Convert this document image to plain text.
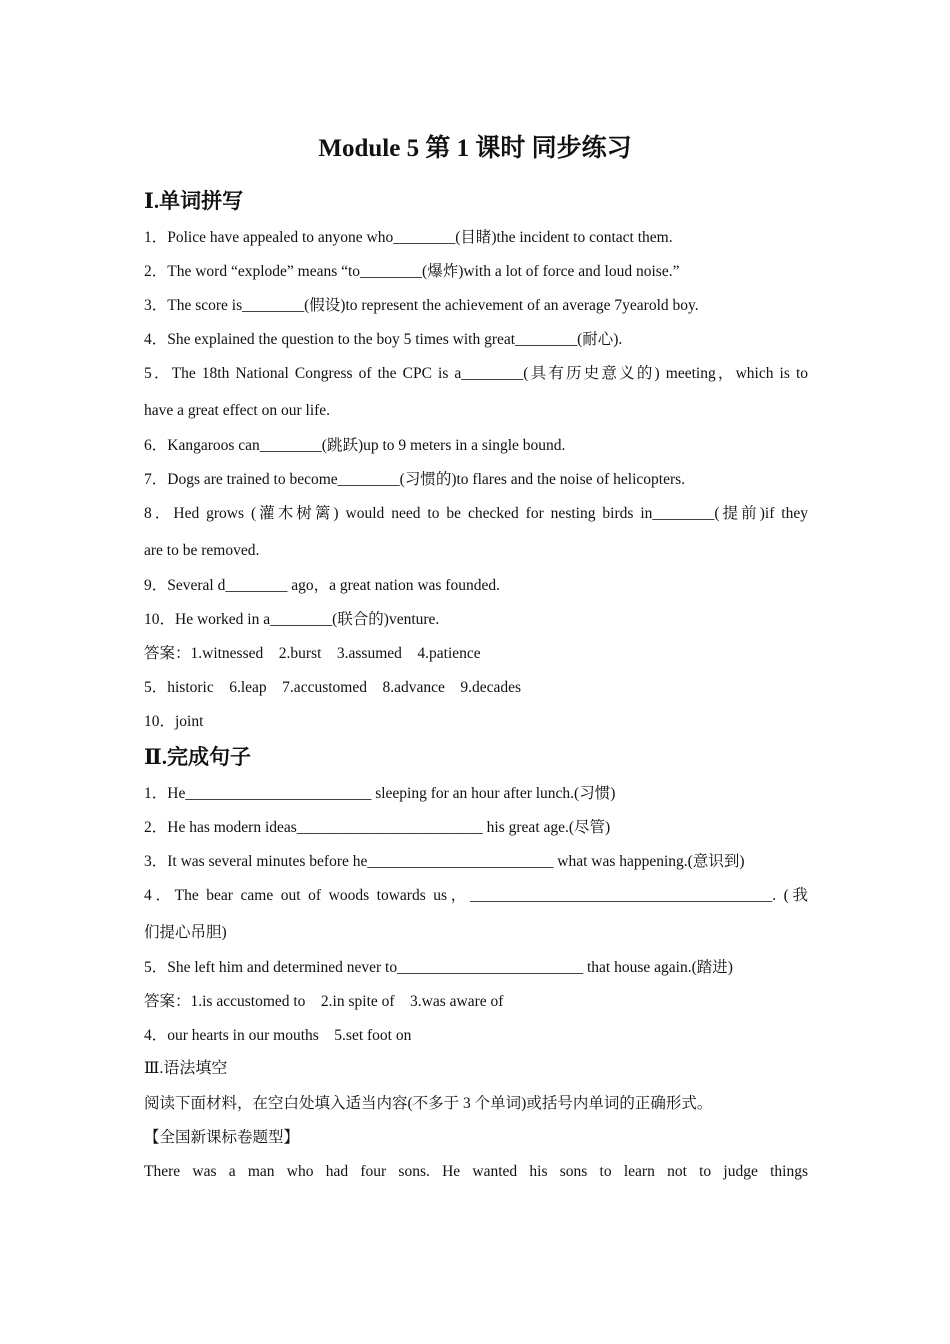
Module 5 第 1 课时 同步练习
Ⅰ.单词拼写
1．Police have appealed to anyone who________(目睹)the incident to contact them.
2．The word “explode” means “to________(爆炸)with a lot of force and loud noise.”
3．The score is________(假设)to represent the achievement of an average 7yearold boy.
4．She explained the question to the boy 5 times with great________(耐心).
5．The 18th National Congress of the CPC is a________(具有历史意义的) meeting，which is to
have a great effect on our life.
6．Kangaroos can________(跳跃)up to 9 meters in a single bound.
7．Dogs are trained to become________(习惯的)to flares and the noise of helicopters.
8．Hed grows (灌木树篱) would need to be checked for nesting birds in________(提前)if they
are to be removed.
9．Several d________ ago，a great nation was founded.
10．He worked in a________(联合的)venture.
答案：1.witnessed　2.burst　3.assumed　4.patience
5．historic　6.leap　7.accustomed　8.advance　9.decades
10．joint
Ⅱ.完成句子
1．He________________________ sleeping for an hour after lunch.(习惯)
2．He has modern ideas________________________ his great age.(尽管)
3．It was several minutes before he________________________ what was happening.(意识到)
4．The bear came out of woods towards us，_______________________________________. (我
们提心吊胆)
5．She left him and determined never to________________________ that house again.(踏进)
答案：1.is accustomed to　2.in spite of　3.was aware of
4．our hearts in our mouths　5.set foot on
Ⅲ.语法填空
阅读下面材料，在空白处填入适当内容(不多于 3 个单词)或括号内单词的正确形式。
【全国新课标卷题型】
There was a man who had four sons. He wanted his sons to learn not to judge things
